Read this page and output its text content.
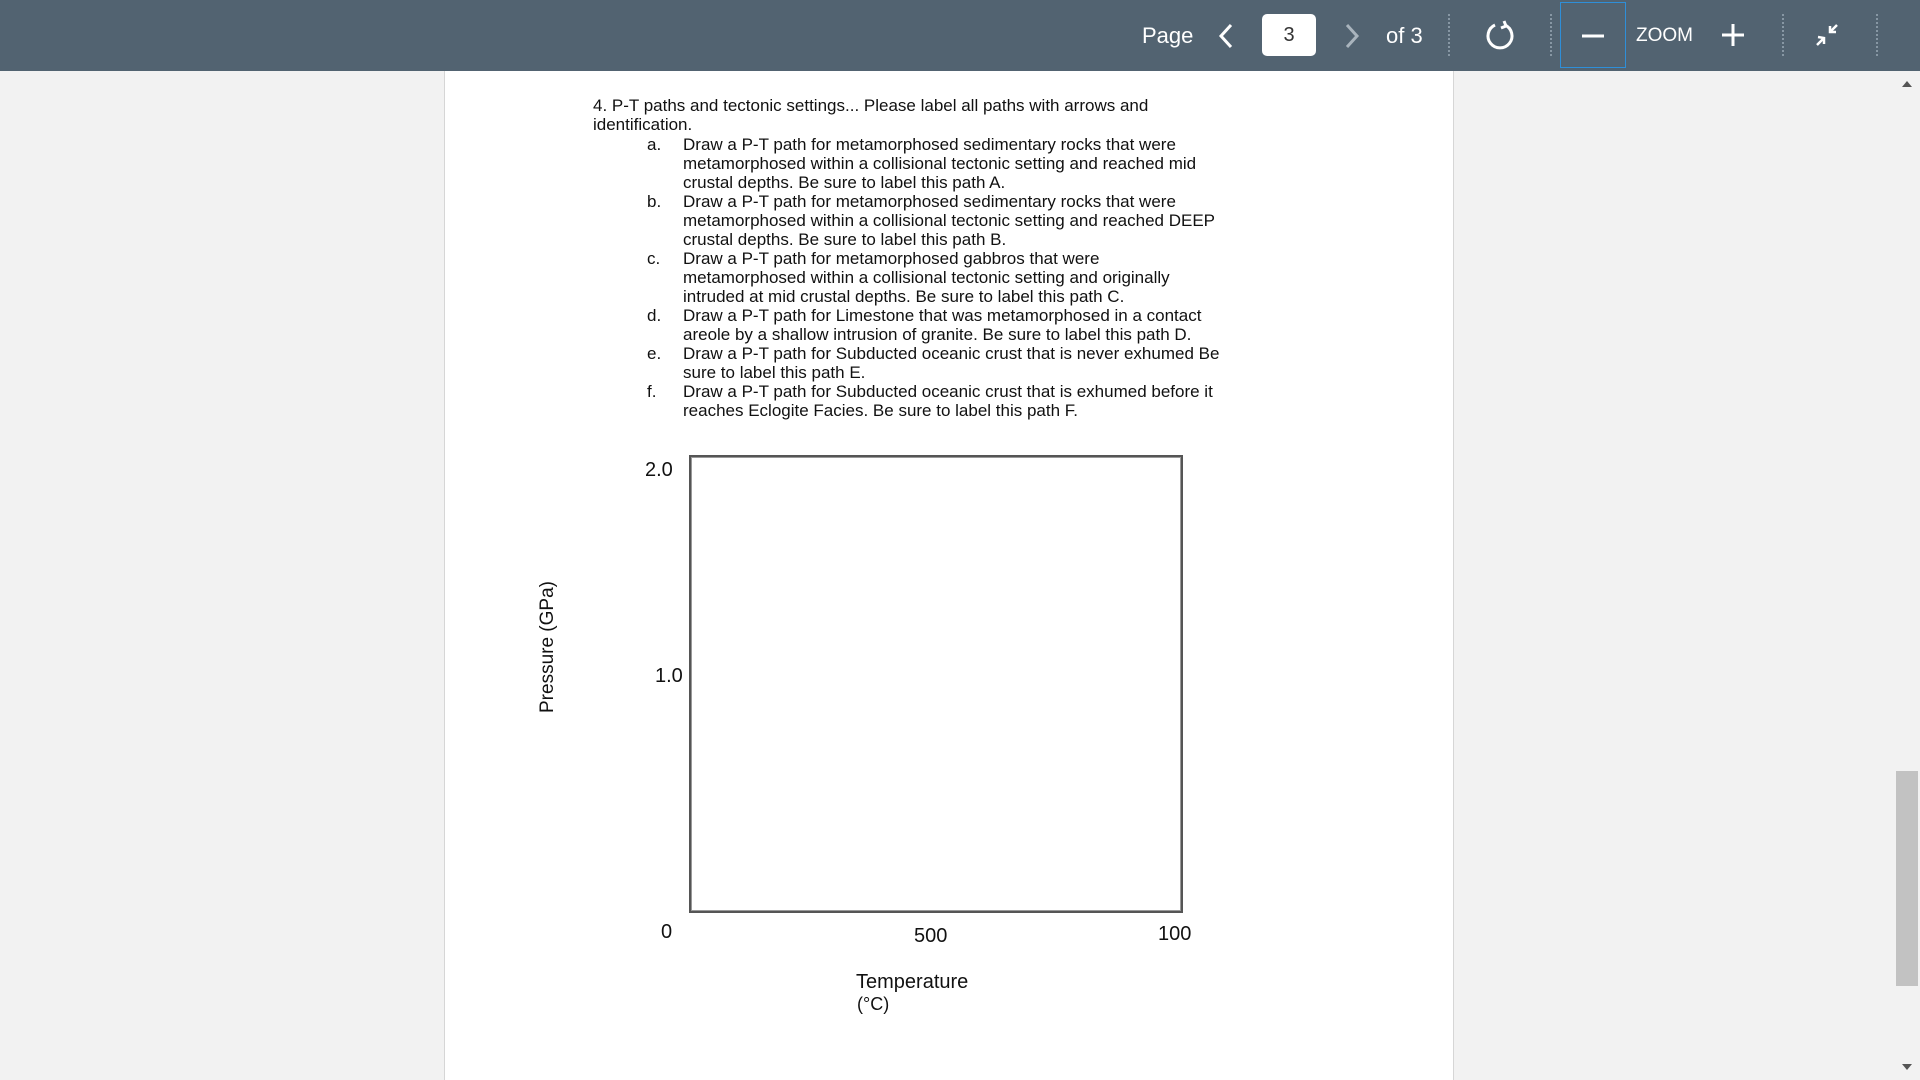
Page
3	of 3	ZOOM
4. P-T paths and tectonic settings... Please label all paths with arrows and
identification.
a.	Draw a P-T path for metamorphosed sedimentary rocks that were
metamorphosed within a collisional tectonic setting and reached mid
crustal depths. Be sure to label this path A.
b.	Draw a P-T path for metamorphosed sedimentary rocks that were
metamorphosed within a collisional tectonic setting and reached DEEP
crustal depths. Be sure to label this path B.
c.	Draw a P-T path for metamorphosed gabbros that were
metamorphosed within a collisional tectonic setting and originally
intruded at mid crustal depths. Be sure to label this path C.
d.	Draw a P-T path for Limestone that was metamorphosed in a contact
areole by a shallow intrusion of granite. Be sure to label this path D.
e.	Draw a P-T path for Subducted oceanic crust that is never exhumed Be
sure to label this path E.
f.	Draw a P-T path for Subducted oceanic crust that is exhumed before it
reaches Eclogite Facies. Be sure to label this path F.
2.0
1.0
0
Pressure (GPa)
500	100
Temperature
(°C)
